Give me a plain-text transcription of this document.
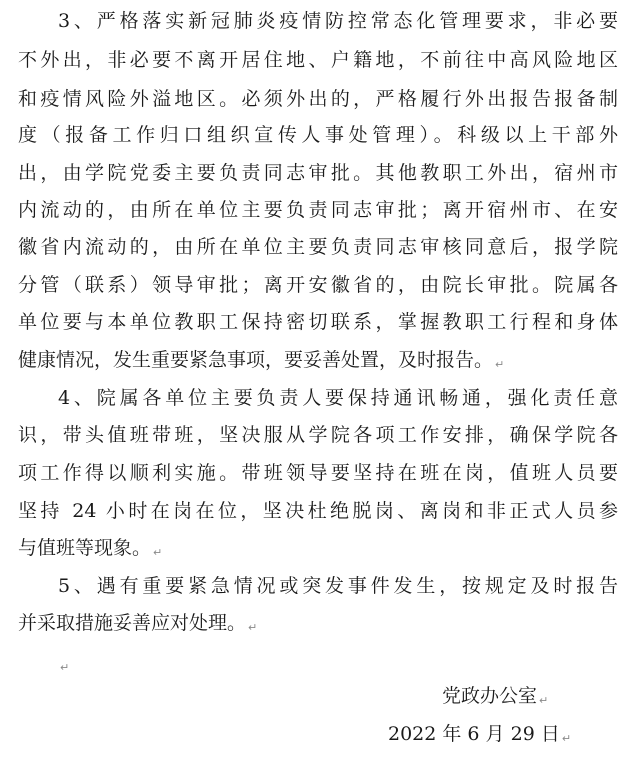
3、严格落实新冠肺炎疫情防控常态化管理要求，非必要
不外出，非必要不离开居住地、户籍地，不前往中高风险地区
和疫情风险外溢地区。必须外出的，严格履行外出报告报备制
度（报备工作归口组织宣传人事处管理）。科级以上干部外
出，由学院党委主要负责同志审批。其他教职工外出，宿州市
内流动的，由所在单位主要负责同志审批；离开宿州市、在安
徽省内流动的，由所在单位主要负责同志审核同意后，报学院
分管（联系）领导审批；离开安徽省的，由院长审批。院属各
单位要与本单位教职工保持密切联系，掌握教职工行程和身体
健康情况，发生重要紧急事项，要妥善处置，及时报告。 ↵
4、院属各单位主要负责人要保持通讯畅通，强化责任意
识，带头值班带班，坚决服从学院各项工作安排，确保学院各
项工作得以顺利实施。带班领导要坚持在班在岗，值班人员要
坚持 24 小时在岗在位，坚决杜绝脱岗、离岗和非正式人员参
与值班等现象。 ↵
5、遇有重要紧急情况或突发事件发生，按规定及时报告
并采取措施妥善应对处理。 ↵
↵
党政办公室 ↵
2022 年 6 月 29 日 ↵
